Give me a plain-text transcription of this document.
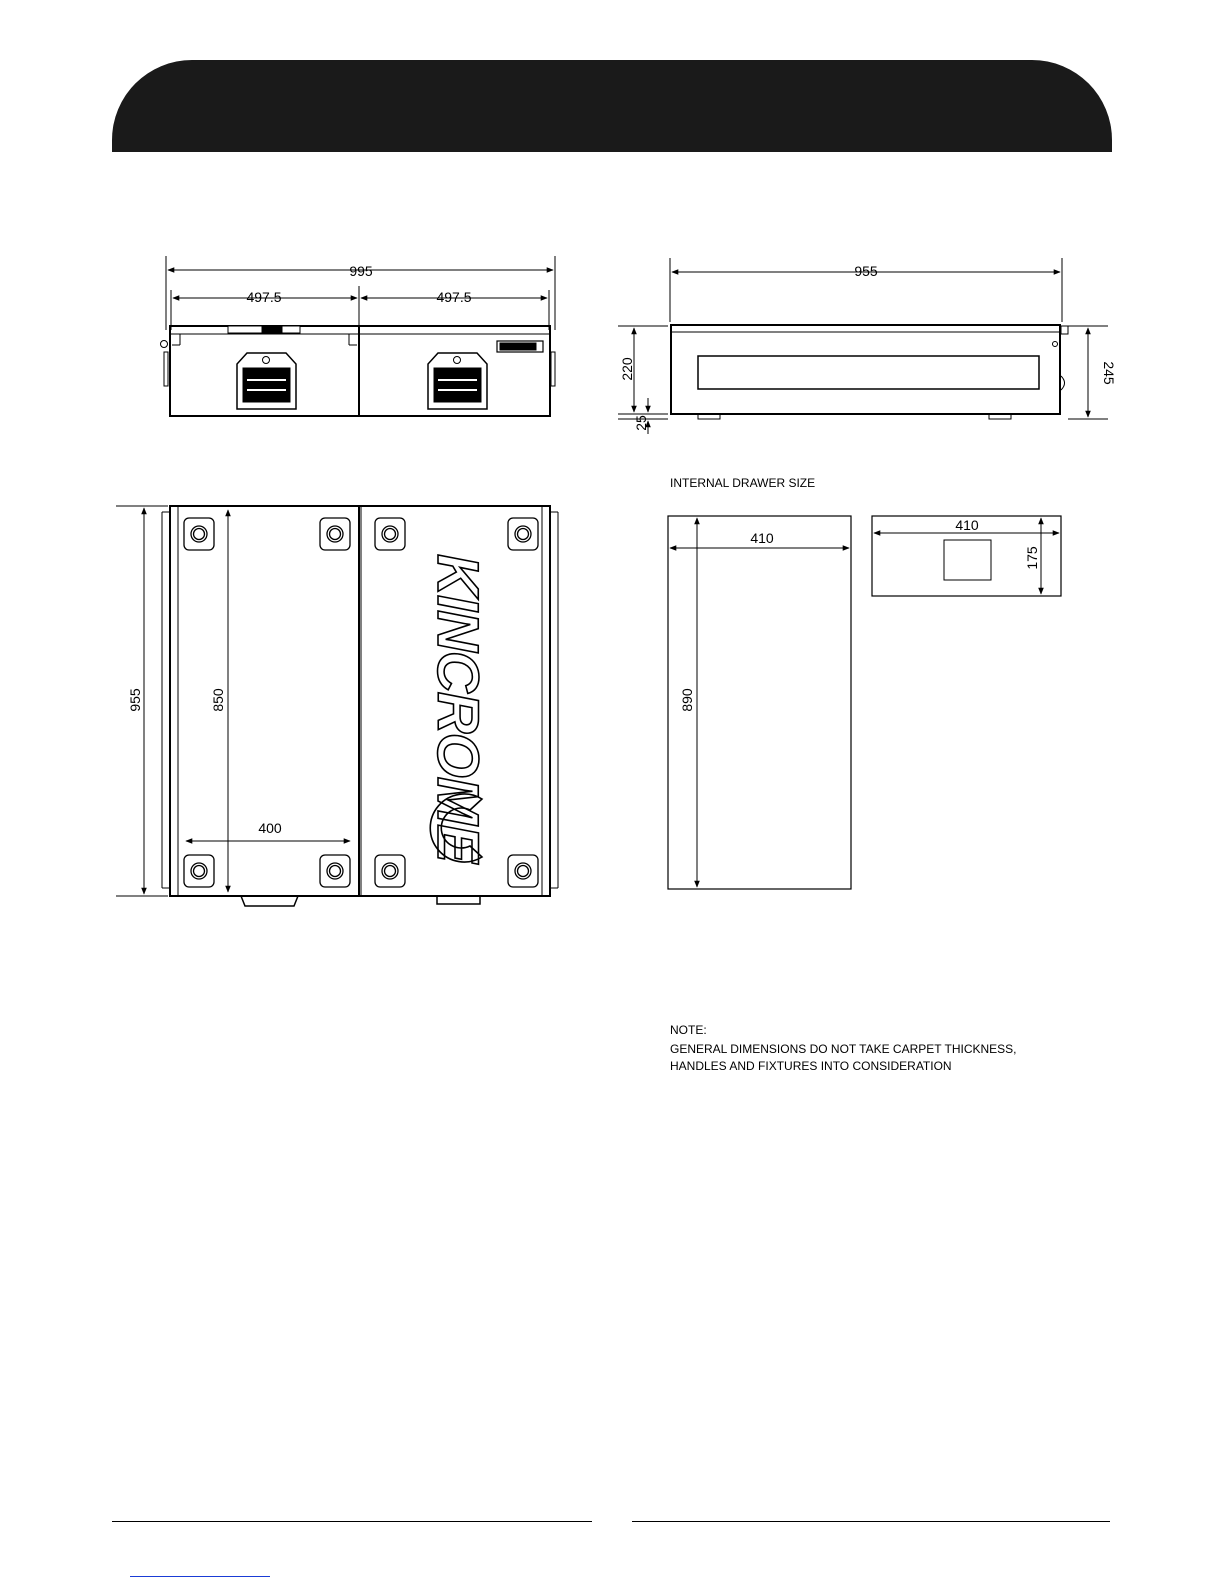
995
497.5	497.5
955
220
25
245
KINCROME
955	850
400
410
890
410
175
INTERNAL DRAWER SIZE
NOTE:
GENERAL DIMENSIONS DO NOT TAKE CARPET THICKNESS,
HANDLES AND FIXTURES INTO CONSIDERATION
